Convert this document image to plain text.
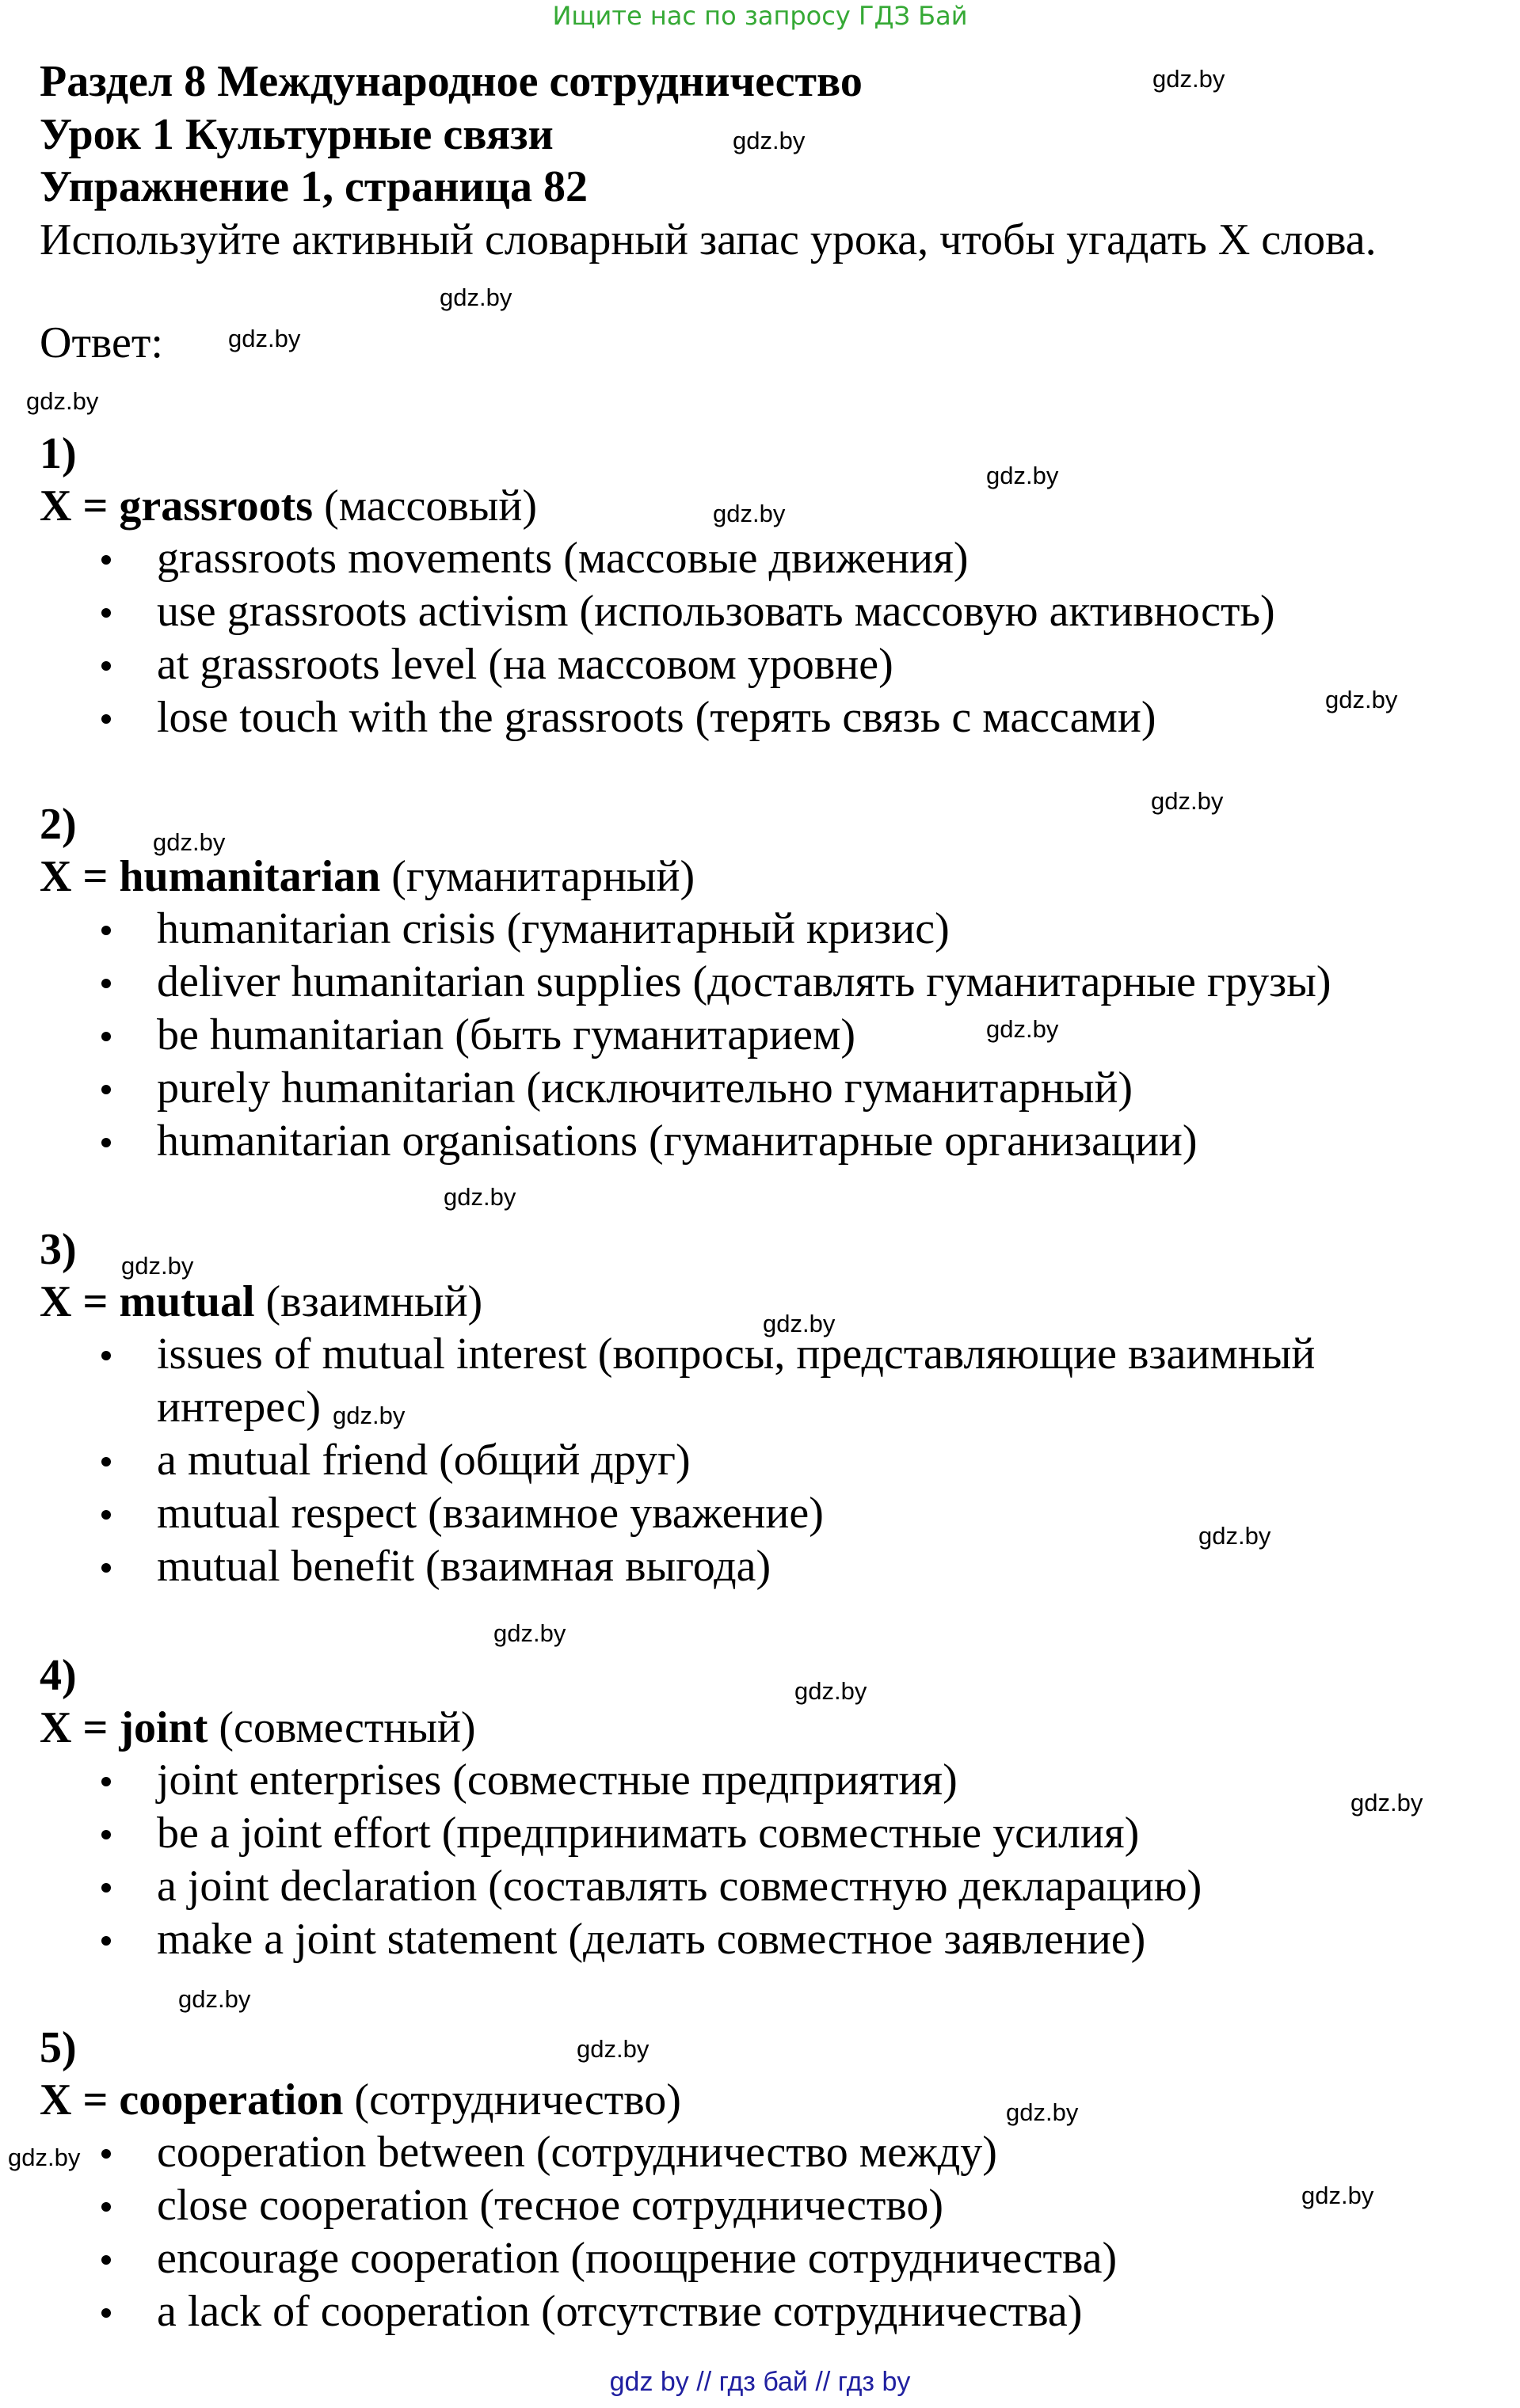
Ищите нас по запросу ГДЗ Бай
Раздел 8 Международное сотрудничество
Урок 1 Культурные связи
Упражнение 1, страница 82
Используйте активный словарный запас урока, чтобы угадать X слова.
Ответ:
1)
X = grassroots (массовый)
grassroots movements (массовые движения)
use grassroots activism (использовать массовую активность)
at grassroots level (на массовом уровне)
lose touch with the grassroots (терять связь с массами)
2)
X = humanitarian (гуманитарный)
humanitarian crisis (гуманитарный кризис)
deliver humanitarian supplies (доставлять гуманитарные грузы)
be humanitarian (быть гуманитарием)
purely humanitarian (исключительно гуманитарный)
humanitarian organisations (гуманитарные организации)
3)
X = mutual (взаимный)
issues of mutual interest (вопросы, представляющие взаимный интерес)
a mutual friend (общий друг)
mutual respect (взаимное уважение)
mutual benefit (взаимная выгода)
4)
X = joint (совместный)
joint enterprises (совместные предприятия)
be a joint effort (предпринимать совместные усилия)
a joint declaration (составлять совместную декларацию)
make a joint statement (делать совместное заявление)
5)
X = cooperation (сотрудничество)
cooperation between (сотрудничество между)
close cooperation (тесное сотрудничество)
encourage cooperation (поощрение сотрудничества)
a lack of cooperation (отсутствие сотрудничества)
gdz.by
gdz.by
gdz.by
gdz.by
gdz.by
gdz.by
gdz.by
gdz.by
gdz.by
gdz.by
gdz.by
gdz.by
gdz.by
gdz.by
gdz.by
gdz.by
gdz.by
gdz.by
gdz.by
gdz.by
gdz.by
gdz.by
gdz.by
gdz.by
gdz by // гдз бай // гдз by
